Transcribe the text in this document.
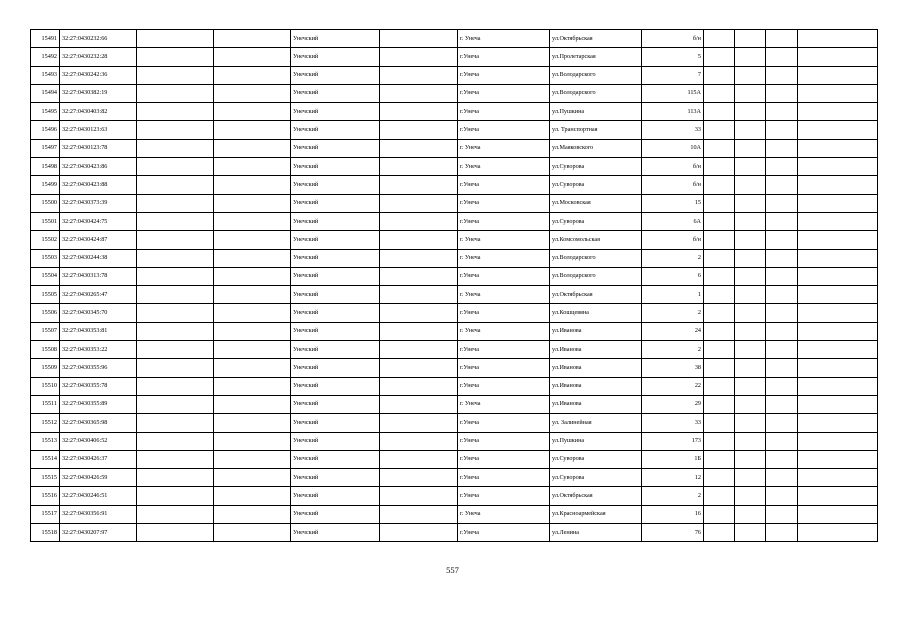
15491	32:27:0430232:66			Унечский		г. Унеча	ул.Октябрьская	б/н				
15492	32:27:0430232:28			Унечский		г.Унеча	ул.Пролетарская	5				
15493	32:27:0430242:36			Унечский		г.Унеча	ул.Володарского	7				
15494	32:27:0430382:19			Унечский		г.Унеча	ул.Володарского	115А				
15495	32:27:0430403:82			Унечский		г.Унеча	ул.Пушкина	113А				
15496	32:27:0430123:63			Унечский		г.Унеча	ул. Транспортная	33				
15497	32:27:0430123:78			Унечский		г. Унеча	ул.Маяковского	10А				
15498	32:27:0430423:86			Унечский		г. Унеча	ул.Суворова	б/н				
15499	32:27:0430423:88			Унечский		г.Унеча	ул.Суворова	б/н				
15500	32:27:0430373:39			Унечский		г.Унеча	ул.Московская	15				
15501	32:27:0430424:75			Унечский		г.Унеча	ул.Суворова	6А				
15502	32:27:0430424:87			Унечский		г. Унеча	ул.Комсомольская	б/н				
15503	32:27:0430244:38			Унечский		г. Унеча	ул.Володарского	2				
15504	32:27:0430313:78			Унечский		г.Унеча	ул.Володарского	6				
15505	32:27:0430265:47			Унечский		г. Унеча	ул.Октябрьская	1				
15506	32:27:0430345:70			Унечский		г.Унеча	ул.Кошцевяна	2				
15507	32:27:0430353:81			Унечский		г. Унеча	ул.Иванова	24				
15508	32:27:0430353:22			Унечский		г.Унеча	ул.Иванова	2				
15509	32:27:0430355:96			Унечский		г.Унеча	ул.Иванова	38				
15510	32:27:0430355:78			Унечский		г.Унеча	ул.Иванова	22				
15511	32:27:0430355:89			Унечский		г. Унеча	ул.Иванова	29				
15512	32:27:0430365:98			Унечский		г.Унеча	ул. Залинейная	33				
15513	32:27:0430406:52			Унечский		г.Унеча	ул.Пушкина	173				
15514	32:27:0430426:37			Унечский		г.Унеча	ул.Суворова	1Б				
15515	32:27:0430426:59			Унечский		г.Унеча	ул.Суворова	12				
15516	32:27:0430246:51			Унечский		г.Унеча	ул.Октябрьская	2				
15517	32:27:0430356:91			Унечский		г. Унеча	ул.Красноармейская	16				
15518	32:27:0430207:97			Унечский		г.Унеча	ул.Ленина	76				
557
